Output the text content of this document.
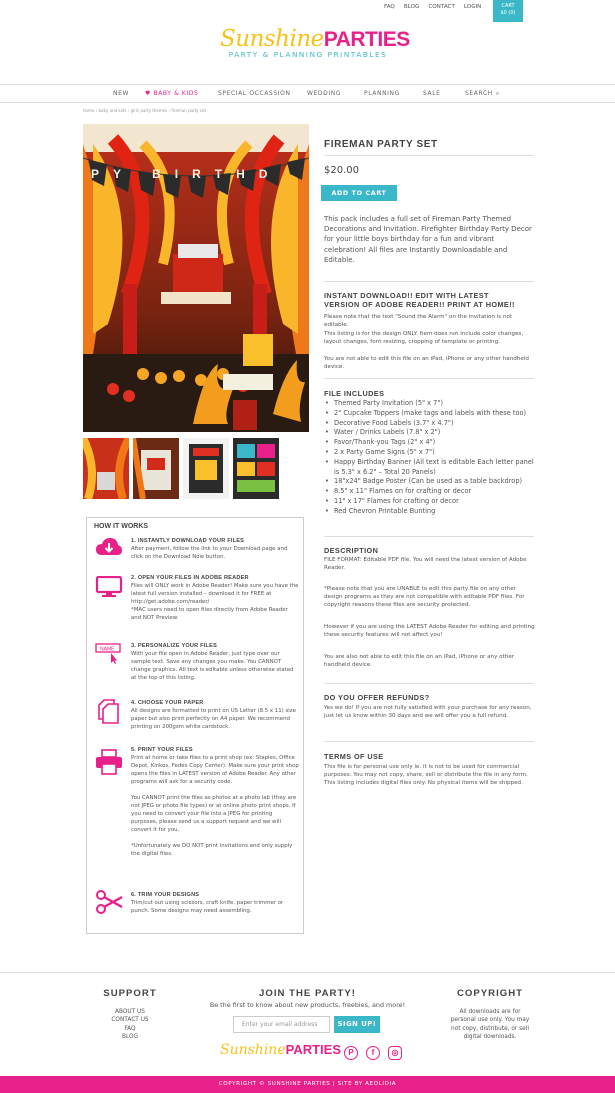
FAQ BLOG CONTACT LOGIN	CART
$0 (0)
SunshinePARTIES
PARTY & PLANNING PRINTABLES
NEW	♥ BABY & KIDS	SPECIAL OCCASSION	WEDDING	PLANNING	SALE	SEARCH ⌕
home › baby and kids › girls party themes › fireman party set
PY BIRTHD
FIREMAN PARTY SET
$20.00
ADD TO CART
This pack includes a full set of Fireman Party Themed Decorations and Invitation. Firefighter Birthday Party Decor for your little boys birthday for a fun and vibrant celebration! All files are Instantly Downloadable and Editable.
INSTANT DOWNLOAD!! EDIT WITH LATEST VERSION OF ADOBE READER!! PRINT AT HOME!!
Please note that the text "Sound the Alarm" on the invitation is not editable.
This listing is for the design ONLY. Item does not include color changes, layout changes, font resizing, cropping of template or printing.
You are not able to edit this file on an iPad, iPhone or any other handheld device.
FILE INCLUDES
• Themed Party Invitation (5" x 7")
• 2" Cupcake Toppers (make tags and labels with these too)
• Decorative Food Labels (3.7" x 4.7")
• Water / Drinks Labels (7.8" x 2")
• Favor/Thank-you Tags (2" x 4")
• 2 x Party Game Signs (5" x 7")
• Happy Birthday Banner (All text is editable Each letter panel is 5.3" x 6.2" – Total 20 Panels)
• 18"x24" Badge Poster (Can be used as a table backdrop)
• 8.5" x 11" Flames on for crafting or decor
• 11" x 17" Flames for crafting or decor
• Red Chevron Printable Bunting
DESCRIPTION
FILE FORMAT: Editable PDF file. You will need the latest version of Adobe Reader.
*Please note that you are UNABLE to edit this party file on any other design programs as they are not compatible with editable PDF files. For copyright reasons these files are security protected.
However if you are using the LATEST Adobe Reader for editing and printing these security features will not affect you!
You are also not able to edit this file on an iPad, iPhone or any other handheld device.
DO YOU OFFER REFUNDS?
Yes we do! If you are not fully satisfied with your purchase for any reason, just let us know within 30 days and we will offer you a full refund.
TERMS OF USE
This file is for personal use only ie. it is not to be used for commercial purposes. You may not copy, share, sell or distribute the file in any form. This listing includes digital files only. No physical items will be shipped.
HOW IT WORKS
1. INSTANTLY DOWNLOAD YOUR FILES
After payment, follow the link to your Download page and click on the Download Now button.
2. OPEN YOUR FILES IN ADOBE READER
Files will ONLY work in Adobe Reader! Make sure you have the latest full version installed – download it for FREE at http://get.adobe.com/reader/
*MAC users need to open files directly from Adobe Reader and NOT Preview.
NAME
3. PERSONALIZE YOUR FILES
With your file open in Adobe Reader, just type over our sample text. Save any changes you make. You CANNOT change graphics. All text is editable unless otherwise stated at the top of this listing.
4. CHOOSE YOUR PAPER
All designs are formatted to print on US Letter (8.5 x 11) size paper but also print perfectly on A4 paper. We recommend printing on 200gsm white cardstock.
5. PRINT YOUR FILES
Print at home or take files to a print shop (ex: Staples, Office Depot, Kinkos, Fedex Copy Center). Make sure your print shop opens the files in LATEST version of Adobe Reader. Any other programs will ask for a security code.

You CANNOT print the files as photos at a photo lab (they are not JPEG or photo file types) or at online photo print shops. If you need to convert your file into a JPEG for printing purposes, please send us a support request and we will convert it for you.

*Unfortunately we DO NOT print invitations and only supply the digital files.
6. TRIM YOUR DESIGNS
Trim/cut out using scissors, craft knife, paper trimmer or punch. Some designs may need assembling.
SUPPORT
ABOUT US
CONTACT US
FAQ
BLOG
JOIN THE PARTY!
Be the first to know about new products, freebies, and more!
Enter your email address	SIGN UP!
SunshinePARTIES P	f	◎
COPYRIGHT
All downloads are for personal use only. You may not copy, distribute, or sell digital downloads.
COPYRIGHT © SUNSHINE PARTIES | SITE BY AEOLIDIA
